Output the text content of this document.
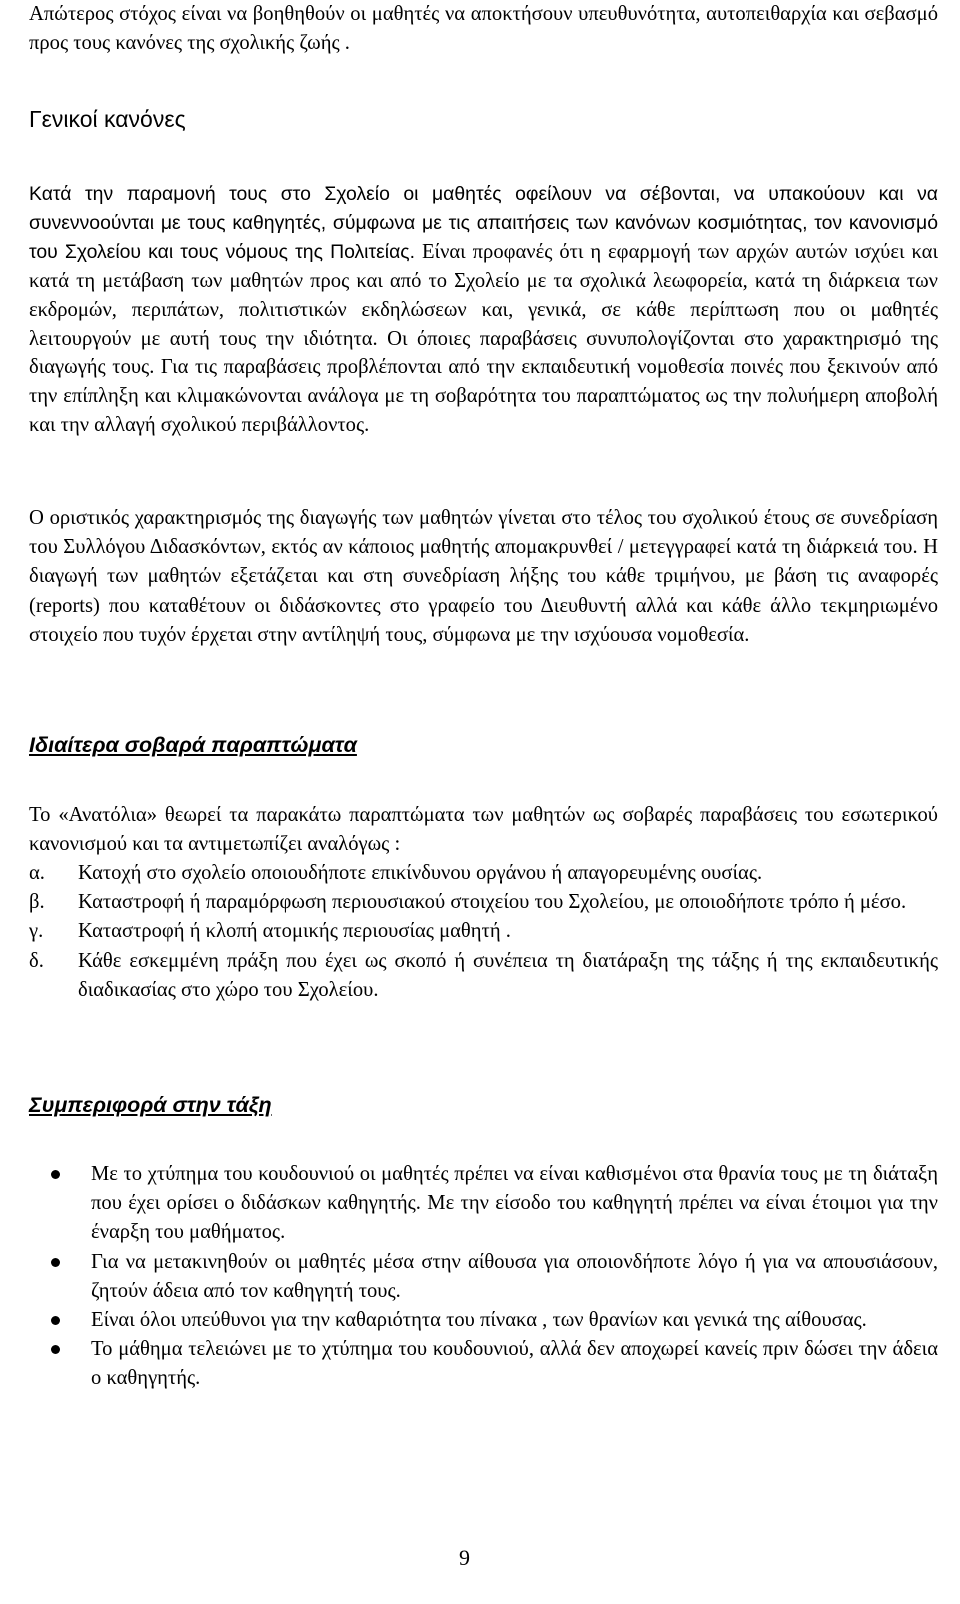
Απώτερος στόχος είναι να βοηθηθούν οι μαθητές να αποκτήσουν υπευθυνότητα, αυτοπειθαρχία και σεβασμό προς τους κανόνες της σχολικής ζωής .

Γενικοί κανόνες

Κατά την παραμονή τους στο Σχολείο οι μαθητές οφείλουν να σέβονται, να υπακούουν και να συνεννοούνται με τους καθηγητές, σύμφωνα με τις απαιτήσεις των κανόνων κοσμιότητας, τον κανονισμό του Σχολείου και τους νόμους της Πολιτείας. Είναι προφανές ότι η εφαρμογή των αρχών αυτών ισχύει και κατά τη μετάβαση των μαθητών προς και από το Σχολείο με τα σχολικά λεωφορεία, κατά τη διάρκεια των εκδρομών, περιπάτων, πολιτιστικών εκδηλώσεων και, γενικά, σε κάθε περίπτωση που οι μαθητές λειτουργούν με αυτή τους την ιδιότητα. Οι όποιες παραβάσεις συνυπολογίζονται στο χαρακτηρισμό της διαγωγής τους. Για τις παραβάσεις προβλέπονται από την εκπαιδευτική νομοθεσία ποινές που ξεκινούν από την επίπληξη και κλιμακώνονται ανάλογα με τη σοβαρότητα του παραπτώματος ως την πολυήμερη αποβολή και την αλλαγή σχολικού περιβάλλοντος.

Ο οριστικός χαρακτηρισμός της διαγωγής των μαθητών γίνεται στο τέλος του σχολικού έτους σε συνεδρίαση του Συλλόγου Διδασκόντων, εκτός αν κάποιος μαθητής απομακρυνθεί / μετεγγραφεί κατά τη διάρκειά του. Η διαγωγή των μαθητών εξετάζεται και στη συνεδρίαση λήξης του κάθε τριμήνου, με βάση τις αναφορές (reports) που καταθέτουν οι διδάσκοντες στο γραφείο του Διευθυντή αλλά και κάθε άλλο τεκμηριωμένο στοιχείο που τυχόν έρχεται στην αντίληψή τους, σύμφωνα με την ισχύουσα νομοθεσία.

Ιδιαίτερα σοβαρά παραπτώματα

Το «Ανατόλια» θεωρεί τα παρακάτω παραπτώματα των μαθητών ως σοβαρές παραβάσεις του εσωτερικού κανονισμού και τα αντιμετωπίζει αναλόγως :

α.	Κατοχή στο σχολείο οποιουδήποτε επικίνδυνου οργάνου ή απαγορευμένης ουσίας.
β.	Καταστροφή ή παραμόρφωση περιουσιακού στοιχείου του Σχολείου, με οποιοδήποτε τρόπο ή μέσο.
γ.	Καταστροφή ή κλοπή ατομικής περιουσίας μαθητή .
δ.	Κάθε εσκεμμένη πράξη που έχει ως σκοπό ή συνέπεια τη διατάραξη της τάξης ή της εκπαιδευτικής διαδικασίας στο χώρο του Σχολείου.
Συμπεριφορά στην τάξη
Με το χτύπημα του κουδουνιού οι μαθητές πρέπει να είναι καθισμένοι στα θρανία τους με τη διάταξη που έχει ορίσει ο διδάσκων καθηγητής. Με την είσοδο του καθηγητή πρέπει να είναι έτοιμοι για την έναρξη του μαθήματος.
Για να μετακινηθούν οι μαθητές μέσα στην αίθουσα για οποιονδήποτε λόγο ή για να απουσιάσουν, ζητούν άδεια από τον καθηγητή τους.
Είναι όλοι υπεύθυνοι για την καθαριότητα του πίνακα , των θρανίων και γενικά της αίθουσας.
Το μάθημα τελειώνει με το χτύπημα του κουδουνιού, αλλά δεν αποχωρεί κανείς πριν δώσει την άδεια ο καθηγητής.
9
